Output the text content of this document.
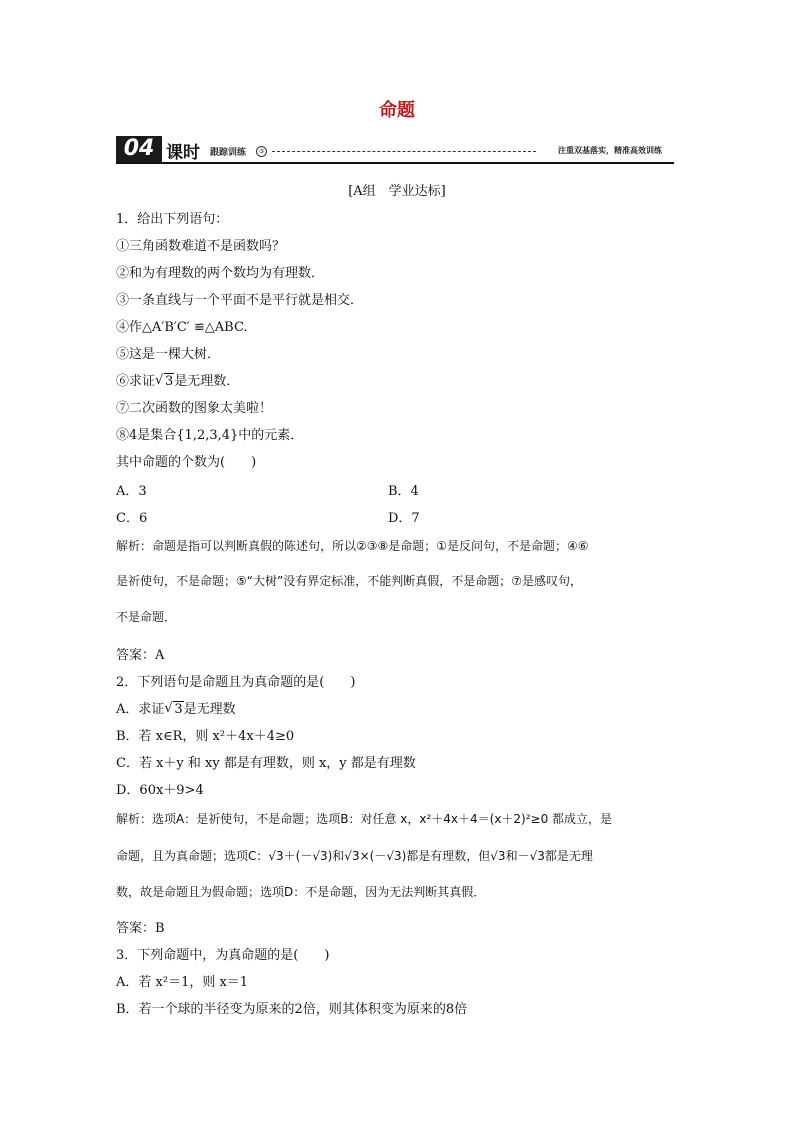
命题
04 课时 跟踪训练	③	注重双基落实，精准高效训练
[A组　学业达标]
1．给出下列语句：
①三角函数难道不是函数吗？
②和为有理数的两个数均为有理数．
③一条直线与一个平面不是平行就是相交．
④作△A′B′C′ ≌△ABC.
⑤这是一棵大树．
⑥求证 √ 3是无理数．
⑦二次函数的图象太美啦！
⑧4是集合{1,2,3,4}中的元素．
其中命题的个数为(　　)
A．3	B．4
C．6	D．7
解析：命题是指可以判断真假的陈述句，所以②③⑧是命题；①是反问句，不是命题；④⑥
是祈使句，不是命题；⑤“大树”没有界定标准，不能判断真假，不是命题；⑦是感叹句，
不是命题．
答案：A
2．下列语句是命题且为真命题的是(　　)
A．求证 √ 3是无理数
B．若 x∈R，则 x²＋4x＋4≥0
C．若 x＋y 和 xy 都是有理数，则 x，y 都是有理数
D．60x＋9>4
解析：选项A：是祈使句，不是命题；选项B：对任意 x，x²＋4x＋4＝(x＋2)²≥0 都成立，是
命题，且为真命题；选项C：√3＋(－√3)和√3×(－√3)都是有理数，但√3和－√3都是无理
数，故是命题且为假命题；选项D：不是命题，因为无法判断其真假．
答案：B
3．下列命题中，为真命题的是(　　)
A．若 x²＝1，则 x＝1
B．若一个球的半径变为原来的2倍，则其体积变为原来的8倍
